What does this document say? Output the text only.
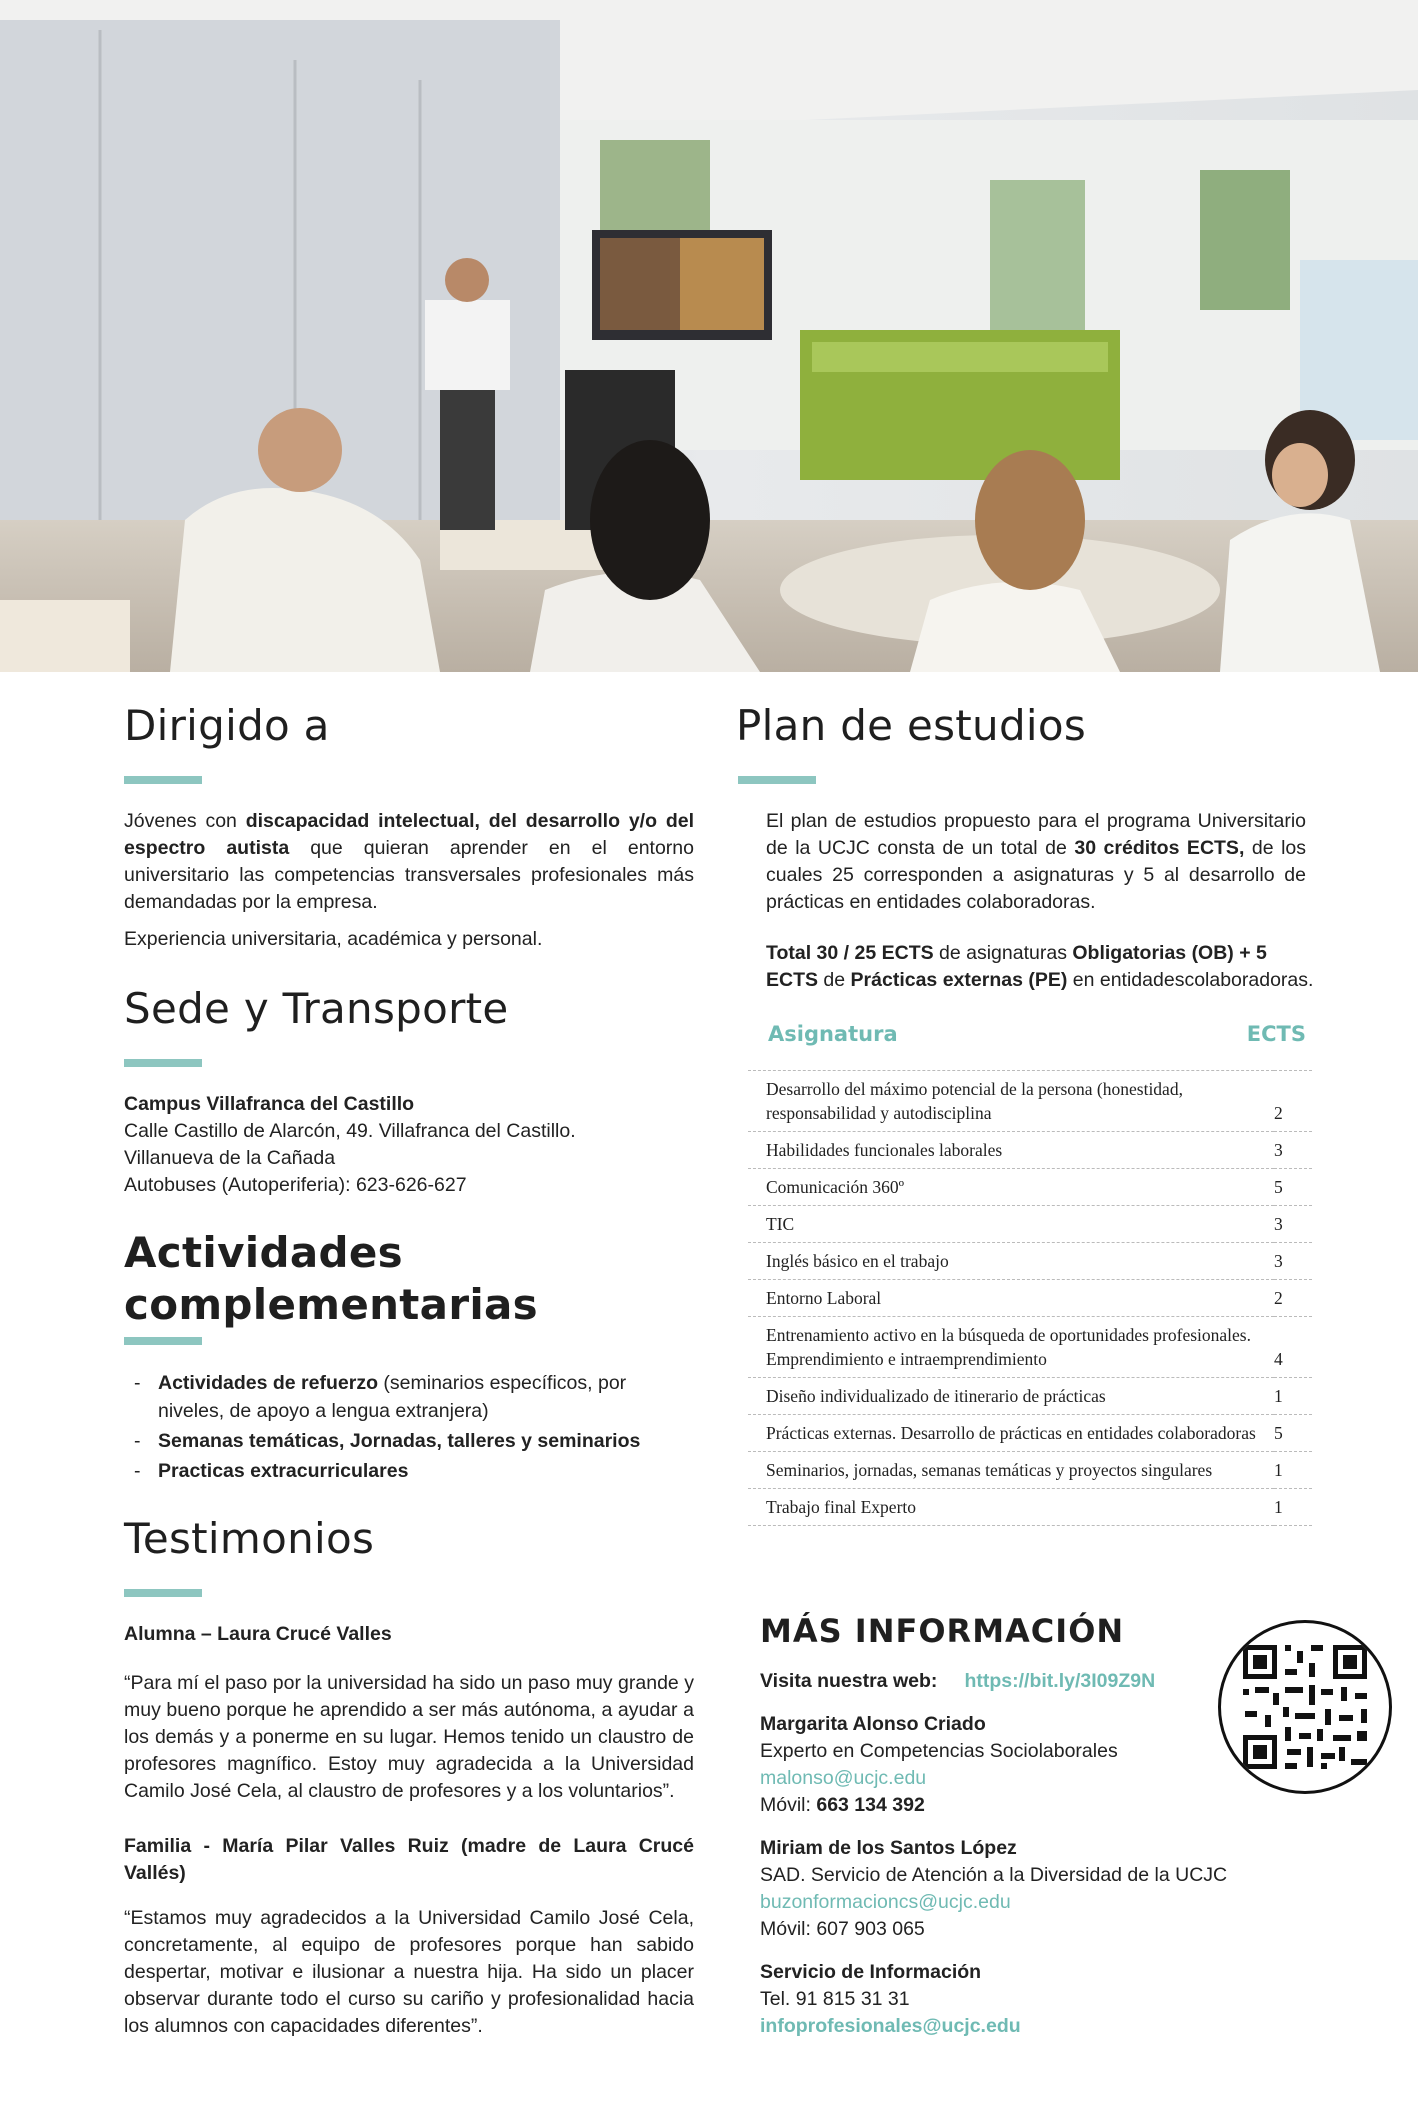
Dirigido a

Jóvenes con discapacidad intelectual, del desarrollo y/o del espectro autista que quieran aprender en el entorno universitario las competencias transversales profesionales más demandadas por la empresa.

Experiencia universitaria, académica y personal.

Sede y Transporte

Campus Villafranca del Castillo

Calle Castillo de Alarcón, 49. Villafranca del Castillo.

Villanueva de la Cañada

Autobuses (Autoperiferia): 623-626-627

Actividades complementarias
- Actividades de refuerzo (seminarios específicos, por niveles, de apoyo a lengua extranjera)
- Semanas temáticas, Jornadas, talleres y seminarios
- Practicas extracurriculares
Testimonios

Alumna – Laura Crucé Valles

“Para mí el paso por la universidad ha sido un paso muy grande y muy bueno porque he aprendido a ser más autónoma, a ayudar a los demás y a ponerme en su lugar. Hemos tenido un claustro de profesores magnífico. Estoy muy agradecida a la Universidad Camilo José Cela, al claustro de profesores y a los voluntarios”.

Familia - María Pilar Valles Ruiz (madre de Laura Crucé Vallés)

“Estamos muy agradecidos a la Universidad Camilo José Cela, concretamente, al equipo de profesores porque han sabido despertar, motivar e ilusionar a nuestra hija. Ha sido un placer observar durante todo el curso su cariño y profesionalidad hacia los alumnos con capacidades diferentes”.

Plan de estudios

El plan de estudios propuesto para el programa Universitario de la UCJC consta de un total de 30 créditos ECTS, de los cuales 25 corresponden a asignaturas y 5 al desarrollo de prácticas en entidades colaboradoras.

Total 30 / 25 ECTS de asignaturas Obligatorias (OB) + 5 ECTS de Prácticas externas (PE) en entidadescolaboradoras.

Asignatura	ECTS
Desarrollo del máximo potencial de la persona (honestidad, responsabilidad y autodisciplina	2
Habilidades funcionales laborales	3
Comunicación 360º	5
TIC	3
Inglés básico en el trabajo	3
Entorno Laboral	2
Entrenamiento activo en la búsqueda de oportunidades profesionales. Emprendimiento e intraemprendimiento	4
Diseño individualizado de itinerario de prácticas	1
Prácticas externas. Desarrollo de prácticas en entidades colaboradoras	5
Seminarios, jornadas, semanas temáticas y proyectos singulares	1
Trabajo final Experto	1
MÁS INFORMACIÓN
Visita nuestra web: https://bit.ly/3I09Z9N
Margarita Alonso Criado
Experto en Competencias Sociolaborales
malonso@ucjc.edu
Móvil: 663 134 392
Miriam de los Santos López
SAD. Servicio de Atención a la Diversidad de la UCJC
buzonformacioncs@ucjc.edu
Móvil: 607 903 065
Servicio de Información
Tel. 91 815 31 31
infoprofesionales@ucjc.edu
